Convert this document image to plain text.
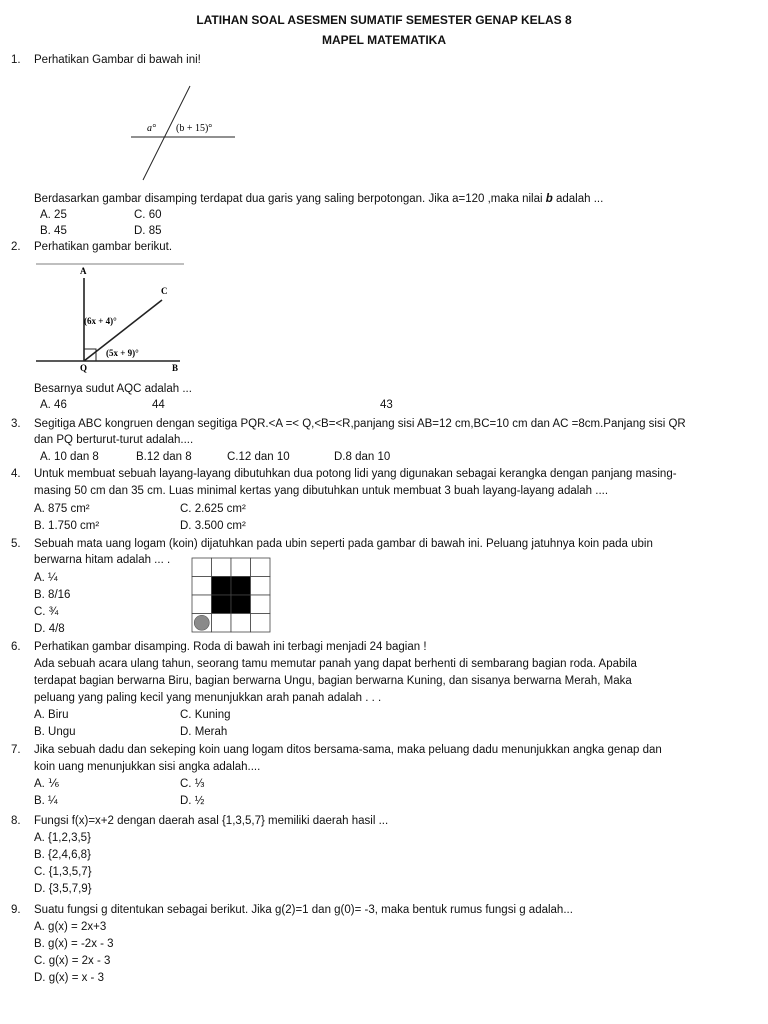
LATIHAN SOAL ASESMEN SUMATIF SEMESTER GENAP KELAS 8
MAPEL MATEMATIKA
1. Perhatikan Gambar di bawah ini!
a° (b + 15)°
Berdasarkan gambar disamping terdapat dua garis yang saling berpotongan. Jika a=120 ,maka nilai b adalah ...
A. 25	C. 60
B. 45	D. 85
2. Perhatikan gambar berikut.
A
C
Q	B
(6x + 4)°
(5x + 9)°
Besarnya sudut AQC adalah ...
A. 46	44	43
3. Segitiga ABC kongruen dengan segitiga PQR.<A =< Q,<B=<R,panjang sisi AB=12 cm,BC=10 cm dan AC =8cm.Panjang sisi QR
dan PQ berturut-turut adalah....
A. 10 dan 8	B.12 dan 8	C.12 dan 10	D.8 dan 10
4. Untuk membuat sebuah layang-layang dibutuhkan dua potong lidi yang digunakan sebagai kerangka dengan panjang masing-
masing 50 cm dan 35 cm. Luas minimal kertas yang dibutuhkan untuk membuat 3 buah layang-layang adalah ....
A. 875 cm²	C. 2.625 cm²
B. 1.750 cm²	D. 3.500 cm²
5. Sebuah mata uang logam (koin) dijatuhkan pada ubin seperti pada gambar di bawah ini. Peluang jatuhnya koin pada ubin
berwarna hitam adalah ... .
A. ¼
B. 8/16
C. ¾
D. 4/8
6. Perhatikan gambar disamping. Roda di bawah ini terbagi menjadi 24 bagian !
Ada sebuah acara ulang tahun, seorang tamu memutar panah yang dapat berhenti di sembarang bagian roda. Apabila
terdapat bagian berwarna Biru, bagian berwarna Ungu, bagian berwarna Kuning, dan sisanya berwarna Merah, Maka
peluang yang paling kecil yang menunjukkan arah panah adalah . . .
A. Biru	C. Kuning
B. Ungu	D. Merah
7. Jika sebuah dadu dan sekeping koin uang logam ditos bersama-sama, maka peluang dadu menunjukkan angka genap dan
koin uang menunjukkan sisi angka adalah....
A. ⅙	C. ⅓
B. ¼	D. ½
8. Fungsi f(x)=x+2 dengan daerah asal {1,3,5,7} memiliki daerah hasil ...
A. {1,2,3,5}
B. {2,4,6,8}
C. {1,3,5,7}
D. {3,5,7,9}
9. Suatu fungsi g ditentukan sebagai berikut. Jika g(2)=1 dan g(0)= -3, maka bentuk rumus fungsi g adalah...
A. g(x) = 2x+3
B. g(x) = -2x - 3
C. g(x) = 2x - 3
D. g(x) = x - 3
